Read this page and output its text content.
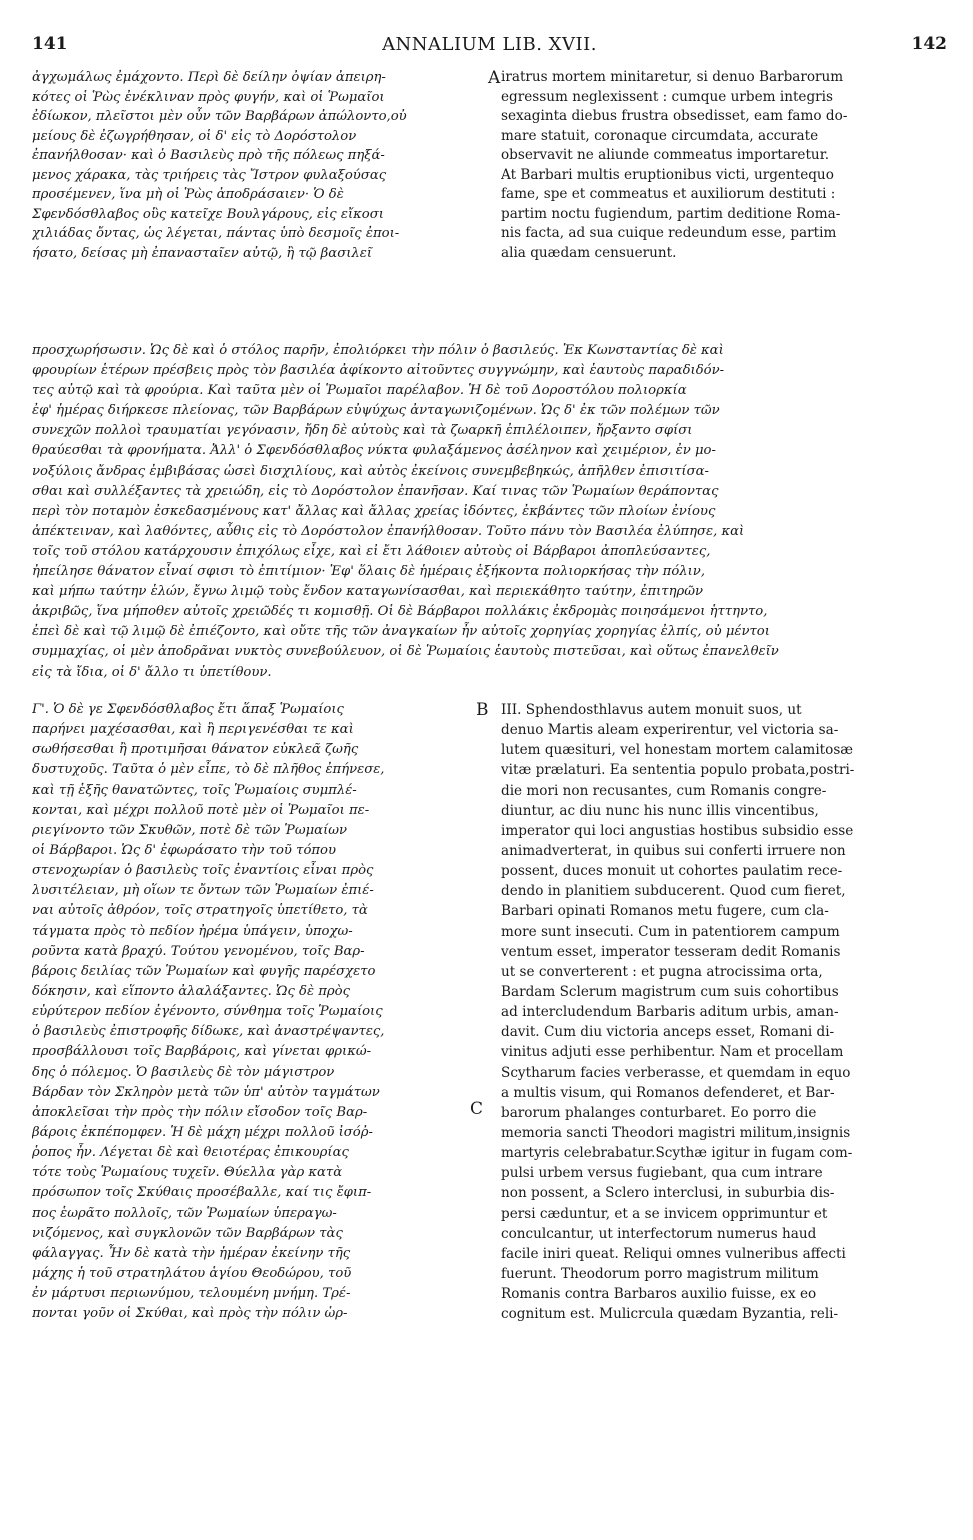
141	ANNALIUM LIB. XVII.	142
A
B
C
ἀγχωμάλως ἐμάχοντο. Περὶ δὲ δείλην ὀψίαν ἀπειρη-
κότες οἱ Ῥὼς ἐνέκλιναν πρὸς φυγήν, καὶ οἱ Ῥωμαῖοι
ἐδίωκον, πλεῖστοι μὲν οὖν τῶν Βαρβάρων ἀπώλοντο,οὐ
μείους δὲ ἐζωγρήθησαν, οἱ δ' εἰς τὸ Δορόστολον
ἐπανήλθοσαν· καὶ ὁ Βασιλεὺς πρὸ τῆς πόλεως πηξά-
μενος χάρακα, τὰς τριήρεις τὰς Ἴστρον φυλαξούσας
προσέμενεν, ἵνα μὴ οἱ Ῥὼς ἀποδράσαιεν· Ὁ δὲ
Σφενδόσθλαβος οὓς κατεῖχε Βουλγάρους, εἰς εἴκοσι
χιλιάδας ὄντας, ὡς λέγεται, πάντας ὑπὸ δεσμοῖς ἐποι-
ήσατο, δείσας μὴ ἐπανασταῖεν αὐτῷ, ἢ τῷ βασιλεῖ
iratrus mortem minitaretur, si denuo Barbarorum
egressum neglexissent : cumque urbem integris
sexaginta diebus frustra obsedisset, eam famo do-
mare statuit, coronaque circumdata, accurate
observavit ne aliunde commeatus importaretur.
At Barbari multis eruptionibus victi, urgentequo
fame, spe et commeatus et auxiliorum destituti :
partim noctu fugiendum, partim deditione Roma-
nis facta, ad sua cuique redeundum esse, partim
alia quædam censuerunt.
προσχωρήσωσιν. Ὡς δὲ καὶ ὁ στόλος παρῆν, ἐπολιόρκει τὴν πόλιν ὁ βασιλεύς. Ἐκ Κωνσταντίας δὲ καὶ
φρουρίων ἑτέρων πρέσβεις πρὸς τὸν βασιλέα ἀφίκοντο αἰτοῦντες συγγνώμην, καὶ ἑαυτοὺς παραδιδόν-
τες αὐτῷ καὶ τὰ φρούρια. Καὶ ταῦτα μὲν οἱ Ῥωμαῖοι παρέλαβον. Ἡ δὲ τοῦ Δοροστόλου πολιορκία
ἐφ' ἡμέρας διήρκεσε πλείονας, τῶν Βαρβάρων εὐψύχως ἀνταγωνιζομένων. Ὡς δ' ἐκ τῶν πολέμων τῶν
συνεχῶν πολλοὶ τραυματίαι γεγόνασιν, ἤδη δὲ αὐτοὺς καὶ τὰ ζωαρκῆ ἐπιλέλοιπεν, ἤρξαντο σφίσι
θραύεσθαι τὰ φρονήματα. Ἀλλ' ὁ Σφενδόσθλαβος νύκτα φυλαξάμενος ἀσέληνον καὶ χειμέριον, ἐν μο-
νοξύλοις ἄνδρας ἐμβιβάσας ὡσεὶ δισχιλίους, καὶ αὐτὸς ἐκείνοις συνεμβεβηκώς, ἀπῆλθεν ἐπισιτίσα-
σθαι καὶ συλλέξαντες τὰ χρειώδη, εἰς τὸ Δορόστολον ἐπανῆσαν. Καί τινας τῶν Ῥωμαίων θεράποντας
περὶ τὸν ποταμὸν ἐσκεδασμένους κατ' ἄλλας καὶ ἄλλας χρείας ἰδόντες, ἐκβάντες τῶν πλοίων ἐνίους
ἀπέκτειναν, καὶ λαθόντες, αὖθις εἰς τὸ Δορόστολον ἐπανήλθοσαν. Τοῦτο πάνυ τὸν Βασιλέα ἐλύπησε, καὶ
τοῖς τοῦ στόλου κατάρχουσιν ἐπιχόλως εἶχε, καὶ εἰ ἔτι λάθοιεν αὐτοὺς οἱ Βάρβαροι ἀποπλεύσαντες,
ἠπείλησε θάνατον εἶναί σφισι τὸ ἐπιτίμιον· Ἐφ' ὅλαις δὲ ἡμέραις ἑξήκοντα πολιορκήσας τὴν πόλιν,
καὶ μήπω ταύτην ἑλών, ἔγνω λιμῷ τοὺς ἔνδον καταγωνίσασθαι, καὶ περιεκάθητο ταύτην, ἐπιτηρῶν
ἀκριβῶς, ἵνα μήποθεν αὐτοῖς χρειῶδές τι κομισθῇ. Οἱ δὲ Βάρβαροι πολλάκις ἐκδρομὰς ποιησάμενοι ἡττηντο,
ἐπεὶ δὲ καὶ τῷ λιμῷ δὲ ἐπιέζοντο, καὶ οὔτε τῆς τῶν ἀναγκαίων ἦν αὐτοῖς χορηγίας χορηγίας ἐλπίς, οὐ μέντοι
συμμαχίας, οἱ μὲν ἀποδρᾶναι νυκτὸς συνεβούλευον, οἱ δὲ Ῥωμαίοις ἑαυτοὺς πιστεῦσαι, καὶ οὕτως ἐπανελθεῖν
εἰς τὰ ἴδια, οἱ δ' ἄλλο τι ὑπετίθουν.
Γ'. Ὁ δὲ γε Σφενδόσθλαβος ἔτι ἅπαξ Ῥωμαίοις
παρήνει μαχέσασθαι, καὶ ἢ περιγενέσθαι τε καὶ
σωθήσεσθαι ἢ προτιμῆσαι θάνατον εὐκλεᾶ ζωῆς
δυστυχοῦς. Ταῦτα ὁ μὲν εἶπε, τὸ δὲ πλῆθος ἐπήνεσε,
καὶ τῇ ἑξῆς θανατῶντες, τοῖς Ῥωμαίοις συμπλέ-
κονται, καὶ μέχρι πολλοῦ ποτὲ μὲν οἱ Ῥωμαῖοι πε-
ριεγίνοντο τῶν Σκυθῶν, ποτὲ δὲ τῶν Ῥωμαίων
οἱ Βάρβαροι. Ὡς δ' ἐφωράσατο τὴν τοῦ τόπου
στενοχωρίαν ὁ βασιλεὺς τοῖς ἐναντίοις εἶναι πρὸς
λυσιτέλειαν, μὴ οἵων τε ὄντων τῶν Ῥωμαίων ἐπιέ-
ναι αὐτοῖς ἀθρόον, τοῖς στρατηγοῖς ὑπετίθετο, τὰ
τάγματα πρὸς τὸ πεδίον ἠρέμα ὑπάγειν, ὑποχω-
ροῦντα κατὰ βραχύ. Τούτου γενομένου, τοῖς Βαρ-
βάροις δειλίας τῶν Ῥωμαίων καὶ φυγῆς παρέσχετο
δόκησιν, καὶ εἵποντο ἀλαλάξαντες. Ὡς δὲ πρὸς
εὐρύτερον πεδίον ἐγένοντο, σύνθημα τοῖς Ῥωμαίοις
ὁ βασιλεὺς ἐπιστροφῆς δίδωκε, καὶ ἀναστρέψαντες,
προσβάλλουσι τοῖς Βαρβάροις, καὶ γίνεται φρικώ-
δης ὁ πόλεμος. Ὁ βασιλεὺς δὲ τὸν μάγιστρον
Βάρδαν τὸν Σκληρὸν μετὰ τῶν ὑπ' αὐτὸν ταγμάτων
ἀποκλεῖσαι τὴν πρὸς τὴν πόλιν εἴσοδον τοῖς Βαρ-
βάροις ἐκπέπομφεν. Ἡ δὲ μάχη μέχρι πολλοῦ ἰσόῤ-
ῥοπος ἦν. Λέγεται δὲ καὶ θειοτέρας ἐπικουρίας
τότε τοὺς Ῥωμαίους τυχεῖν. Θύελλα γὰρ κατὰ
πρόσωπον τοῖς Σκύθαις προσέβαλλε, καί τις ἔφιπ-
πος ἑωρᾶτο πολλοῖς, τῶν Ῥωμαίων ὑπεραγω-
νιζόμενος, καὶ συγκλονῶν τῶν Βαρβάρων τὰς
φάλαγγας. Ἦν δὲ κατὰ τὴν ἡμέραν ἐκείνην τῆς
μάχης ἡ τοῦ στρατηλάτου ἁγίου Θεοδώρου, τοῦ
ἐν μάρτυσι περιωνύμου, τελουμένη μνήμη. Τρέ-
πονται γοῦν οἱ Σκύθαι, καὶ πρὸς τὴν πόλιν ὡρ-
III. Sphendosthlavus autem monuit suos, ut
denuo Martis aleam experirentur, vel victoria sa-
lutem quæsituri, vel honestam mortem calamitosæ
vitæ prælaturi. Ea sententia populo probata,postri-
die mori non recusantes, cum Romanis congre-
diuntur, ac diu nunc his nunc illis vincentibus,
imperator qui loci angustias hostibus subsidio esse
animadverterat, in quibus sui conferti irruere non
possent, duces monuit ut cohortes paulatim rece-
dendo in planitiem subducerent. Quod cum fieret,
Barbari opinati Romanos metu fugere, cum cla-
more sunt insecuti. Cum in patentiorem campum
ventum esset, imperator tesseram dedit Romanis
ut se converterent : et pugna atrocissima orta,
Bardam Sclerum magistrum cum suis cohortibus
ad intercludendum Barbaris aditum urbis, aman-
davit. Cum diu victoria anceps esset, Romani di-
vinitus adjuti esse perhibentur. Nam et procellam
Scytharum facies verberasse, et quemdam in equo
a multis visum, qui Romanos defenderet, et Bar-
barorum phalanges conturbaret. Eo porro die
memoria sancti Theodori magistri militum,insignis
martyris celebrabatur.Scythæ igitur in fugam com-
pulsi urbem versus fugiebant, qua cum intrare
non possent, a Sclero interclusi, in suburbia dis-
persi cæduntur, et a se invicem opprimuntur et
conculcantur, ut interfectorum numerus haud
facile iniri queat. Reliqui omnes vulneribus affecti
fuerunt. Theodorum porro magistrum militum
Romanis contra Barbaros auxilio fuisse, ex eo
cognitum est. Mulicrcula quædam Byzantia, reli-
